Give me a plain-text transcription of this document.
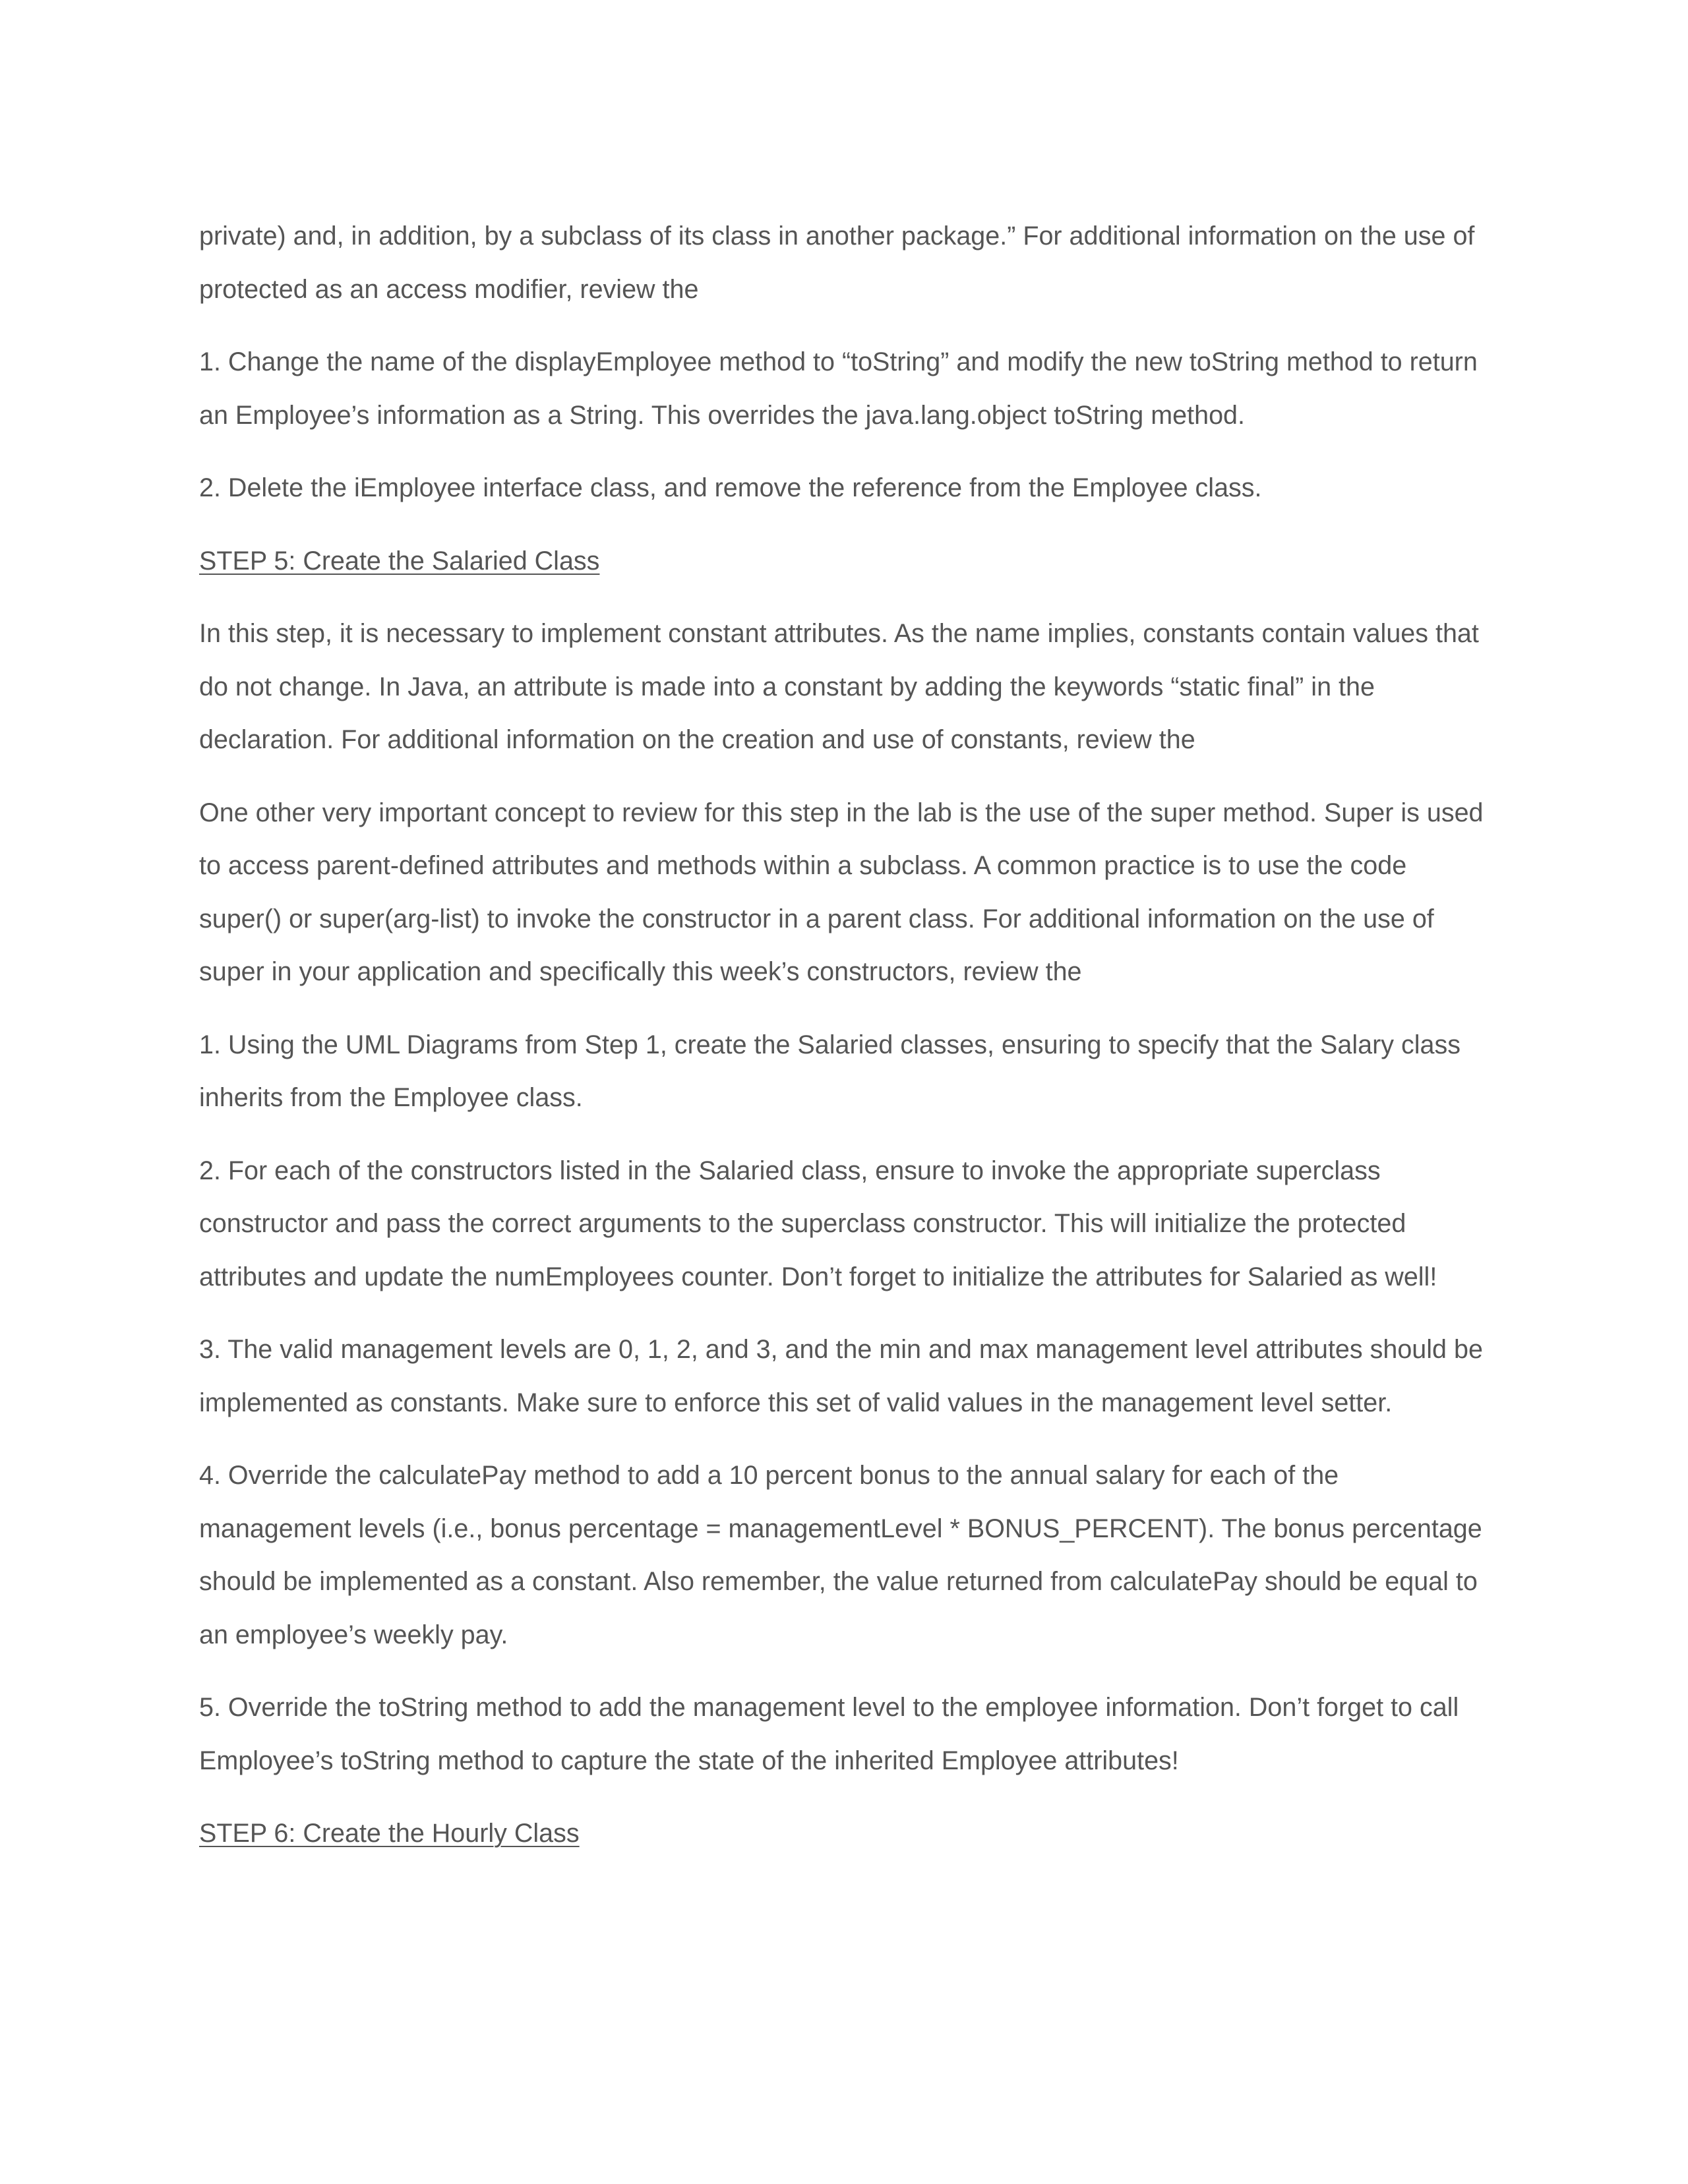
private) and, in addition, by a subclass of its class in another package.” For additional information on the use of protected as an access modifier, review the

1. Change the name of the displayEmployee method to “toString” and modify the new toString method to return an Employee’s information as a String. This overrides the java.lang.object toString method.

2. Delete the iEmployee interface class, and remove the reference from the Employee class.

STEP 5: Create the Salaried Class

In this step, it is necessary to implement constant attributes. As the name implies, constants contain values that do not change. In Java, an attribute is made into a constant by adding the keywords “static final” in the declaration. For additional information on the creation and use of constants, review the

One other very important concept to review for this step in the lab is the use of the super method. Super is used to access parent-defined attributes and methods within a subclass. A common practice is to use the code super() or super(arg-list) to invoke the constructor in a parent class. For additional information on the use of super in your application and specifically this week’s constructors, review the

1. Using the UML Diagrams from Step 1, create the Salaried classes, ensuring to specify that the Salary class inherits from the Employee class.

2. For each of the constructors listed in the Salaried class, ensure to invoke the appropriate superclass constructor and pass the correct arguments to the superclass constructor. This will initialize the protected attributes and update the numEmployees counter. Don’t forget to initialize the attributes for Salaried as well!

3. The valid management levels are 0, 1, 2, and 3, and the min and max management level attributes should be implemented as constants. Make sure to enforce this set of valid values in the management level setter.

4. Override the calculatePay method to add a 10 percent bonus to the annual salary for each of the management levels (i.e., bonus percentage = managementLevel * BONUS_PERCENT). The bonus percentage should be implemented as a constant. Also remember, the value returned from calculatePay should be equal to an employee’s weekly pay.

5. Override the toString method to add the management level to the employee information. Don’t forget to call Employee’s toString method to capture the state of the inherited Employee attributes!

STEP 6: Create the Hourly Class
